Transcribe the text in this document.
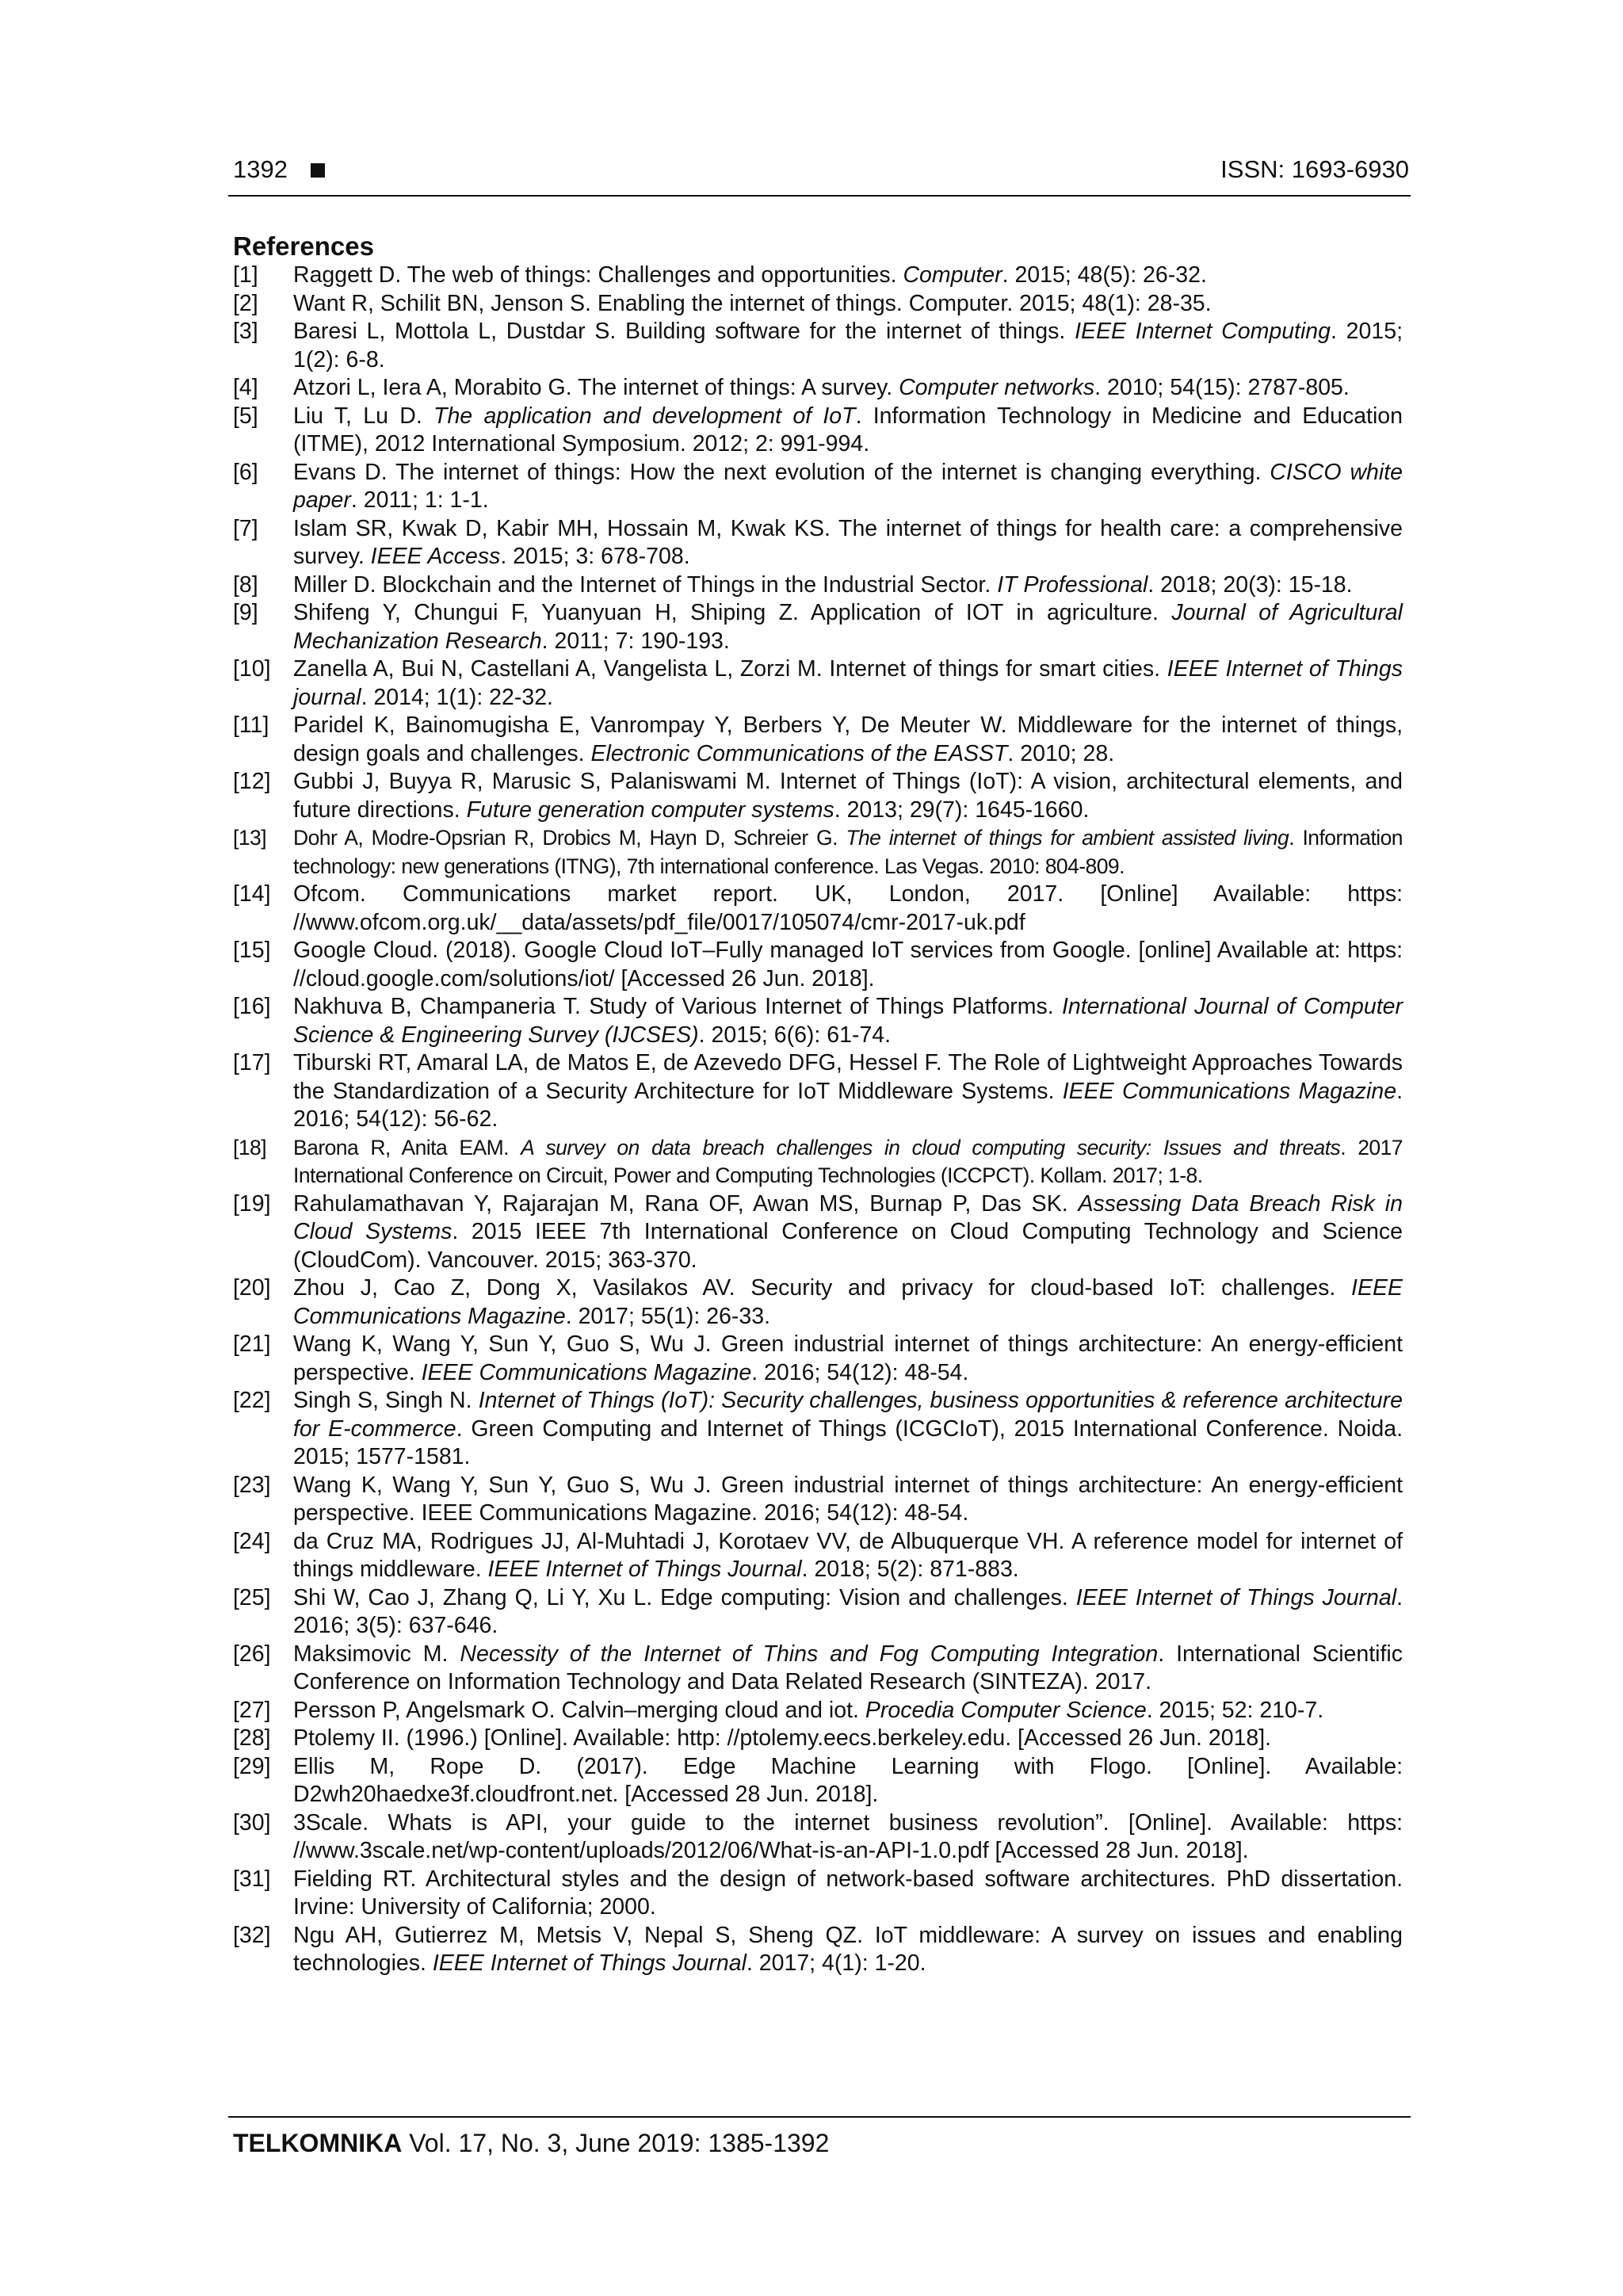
1392	ISSN: 1693-6930
References
[1]	Raggett D. The web of things: Challenges and opportunities. Computer. 2015; 48(5): 26-32.
[2]	Want R, Schilit BN, Jenson S. Enabling the internet of things. Computer. 2015; 48(1): 28-35.
[3]	Baresi L, Mottola L, Dustdar S. Building software for the internet of things. IEEE Internet Computing. 2015; 1(2): 6-8.
[4]	Atzori L, Iera A, Morabito G. The internet of things: A survey. Computer networks. 2010; 54(15): 2787-805.
[5]	Liu T, Lu D. The application and development of IoT. Information Technology in Medicine and Education (ITME), 2012 International Symposium. 2012; 2: 991-994.
[6]	Evans D. The internet of things: How the next evolution of the internet is changing everything. CISCO white paper. 2011; 1: 1-1.
[7]	Islam SR, Kwak D, Kabir MH, Hossain M, Kwak KS. The internet of things for health care: a comprehensive survey. IEEE Access. 2015; 3: 678-708.
[8]	Miller D. Blockchain and the Internet of Things in the Industrial Sector. IT Professional. 2018; 20(3): 15-18.
[9]	Shifeng Y, Chungui F, Yuanyuan H, Shiping Z. Application of IOT in agriculture. Journal of Agricultural Mechanization Research. 2011; 7: 190-193.
[10] Zanella A, Bui N, Castellani A, Vangelista L, Zorzi M. Internet of things for smart cities. IEEE Internet of Things journal. 2014; 1(1): 22-32.
[11]	Paridel K, Bainomugisha E, Vanrompay Y, Berbers Y, De Meuter W. Middleware for the internet of things, design goals and challenges. Electronic Communications of the EASST. 2010; 28.
[12] Gubbi J, Buyya R, Marusic S, Palaniswami M. Internet of Things (IoT): A vision, architectural elements, and future directions. Future generation computer systems. 2013; 29(7): 1645-1660.
[13]	Dohr A, Modre-Opsrian R, Drobics M, Hayn D, Schreier G. The internet of things for ambient assisted living. Information technology: new generations (ITNG), 7th international conference. Las Vegas. 2010: 804-809.
[14] Ofcom. Communications market report. UK, London, 2017. [Online] Available: https: //www.ofcom.org.uk/__data/assets/pdf_file/0017/105074/cmr-2017-uk.pdf
[15] Google Cloud. (2018). Google Cloud IoT–Fully managed IoT services from Google. [online] Available at: https: //cloud.google.com/solutions/iot/ [Accessed 26 Jun. 2018].
[16] Nakhuva B, Champaneria T. Study of Various Internet of Things Platforms. International Journal of Computer Science & Engineering Survey (IJCSES). 2015; 6(6): 61-74.
[17] Tiburski RT, Amaral LA, de Matos E, de Azevedo DFG, Hessel F. The Role of Lightweight Approaches Towards the Standardization of a Security Architecture for IoT Middleware Systems. IEEE Communications Magazine. 2016; 54(12): 56-62.
[18]	Barona R, Anita EAM. A survey on data breach challenges in cloud computing security: Issues and threats. 2017 International Conference on Circuit, Power and Computing Technologies (ICCPCT). Kollam. 2017; 1-8.
[19] Rahulamathavan Y, Rajarajan M, Rana OF, Awan MS, Burnap P, Das SK. Assessing Data Breach Risk in Cloud Systems. 2015 IEEE 7th International Conference on Cloud Computing Technology and Science (CloudCom). Vancouver. 2015; 363-370.
[20] Zhou J, Cao Z, Dong X, Vasilakos AV. Security and privacy for cloud-based IoT: challenges. IEEE Communications Magazine. 2017; 55(1): 26-33.
[21] Wang K, Wang Y, Sun Y, Guo S, Wu J. Green industrial internet of things architecture: An energy-efficient perspective. IEEE Communications Magazine. 2016; 54(12): 48-54.
[22] Singh S, Singh N. Internet of Things (IoT): Security challenges, business opportunities & reference architecture for E-commerce. Green Computing and Internet of Things (ICGCIoT), 2015 International Conference. Noida. 2015; 1577-1581.
[23] Wang K, Wang Y, Sun Y, Guo S, Wu J. Green industrial internet of things architecture: An energy-efficient perspective. IEEE Communications Magazine. 2016; 54(12): 48-54.
[24] da Cruz MA, Rodrigues JJ, Al-Muhtadi J, Korotaev VV, de Albuquerque VH. A reference model for internet of things middleware. IEEE Internet of Things Journal. 2018; 5(2): 871-883.
[25] Shi W, Cao J, Zhang Q, Li Y, Xu L. Edge computing: Vision and challenges. IEEE Internet of Things Journal. 2016; 3(5): 637-646.
[26] Maksimovic M. Necessity of the Internet of Thins and Fog Computing Integration. International Scientific Conference on Information Technology and Data Related Research (SINTEZA). 2017.
[27] Persson P, Angelsmark O. Calvin–merging cloud and iot. Procedia Computer Science. 2015; 52: 210-7.
[28] Ptolemy II. (1996.) [Online]. Available: http: //ptolemy.eecs.berkeley.edu. [Accessed 26 Jun. 2018].
[29] Ellis M, Rope D. (2017). Edge Machine Learning with Flogo. [Online]. Available: D2wh20haedxe3f.cloudfront.net. [Accessed 28 Jun. 2018].
[30] 3Scale. Whats is API, your guide to the internet business revolution”. [Online]. Available: https: //www.3scale.net/wp-content/uploads/2012/06/What-is-an-API-1.0.pdf [Accessed 28 Jun. 2018].
[31] Fielding RT. Architectural styles and the design of network-based software architectures. PhD dissertation. Irvine: University of California; 2000.
[32] Ngu AH, Gutierrez M, Metsis V, Nepal S, Sheng QZ. IoT middleware: A survey on issues and enabling technologies. IEEE Internet of Things Journal. 2017; 4(1): 1-20.
TELKOMNIKA Vol. 17, No. 3, June 2019: 1385-1392
